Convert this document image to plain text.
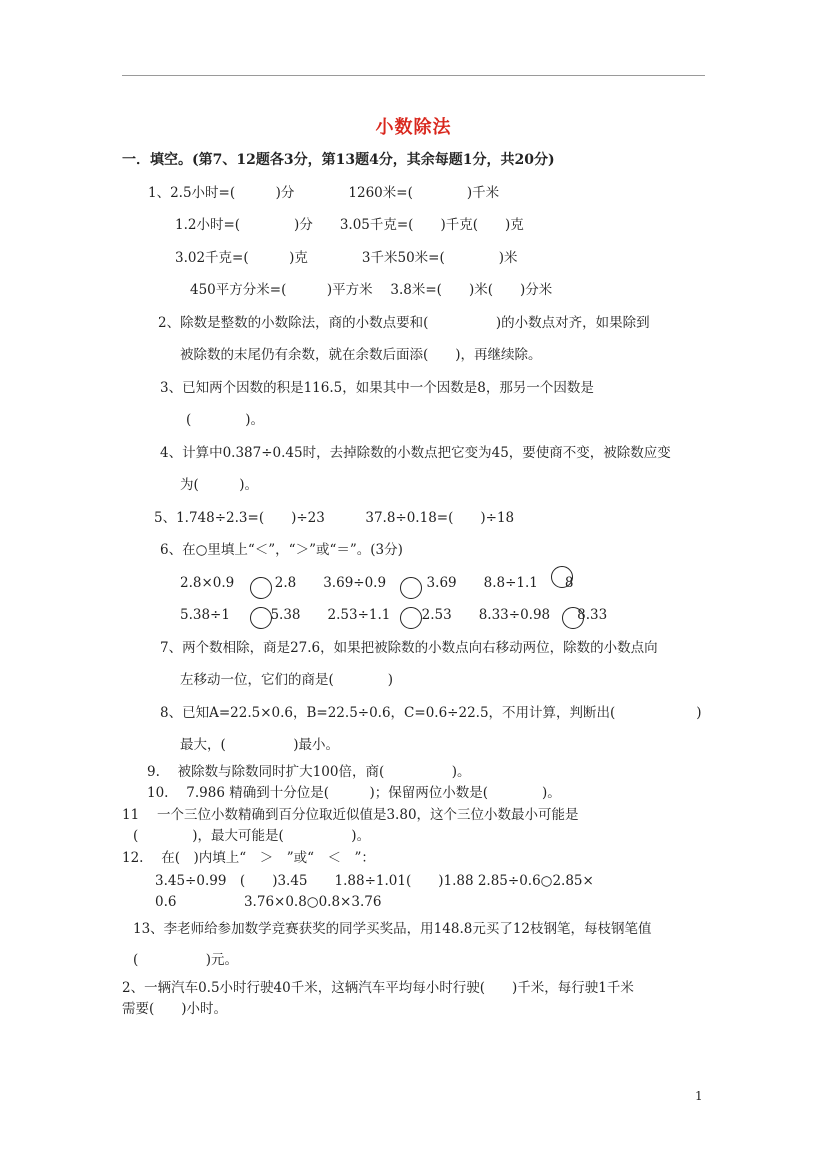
小数除法
一．填空。(第7、12题各3分，第13题4分，其余每题1分，共20分)
1、2.5小时=(　　　)分　　　　1260米=(　　　　)千米
1.2小时=(　　　　)分　　3.05千克=(　　)千克(　　)克
3.02千克=(　　　)克　　　　3千米50米=(　　　　)米
450平方分米=(　　　)平方米　 3.8米=(　　)米(　　)分米
2、除数是整数的小数除法，商的小数点要和(　　　　　)的小数点对齐，如果除到
被除数的末尾仍有余数，就在余数后面添(　　)，再继续除。
3、已知两个因数的积是116.5，如果其中一个因数是8，那另一个因数是
(　　　　)。
4、计算中0.387÷0.45时，去掉除数的小数点把它变为45，要使商不变，被除数应变
为(　　　)。
5、1.748÷2.3=(　　)÷23　　　37.8÷0.18=(　　)÷18
6、在○里填上“＜”，“＞”或“＝”。(3分)
2.8×0.9　　　2.8　　3.69÷0.9　　　3.69　　8.8÷1.1　　8
5.38÷1　　　5.38　　2.53÷1.1　　 2.53　　8.33÷0.98　　8.33
7、两个数相除，商是27.6，如果把被除数的小数点向右移动两位，除数的小数点向
左移动一位，它们的商是(　　　　)
8、已知A=22.5×0.6，B=22.5÷0.6，C=0.6÷22.5，不用计算，判断出(　　　　　　)
最大，(　　　　　)最小。
9.　 被除数与除数同时扩大100倍，商(　　　　　)。
10.　 7.986 精确到十分位是(　　　)；保留两位小数是(　　　　)。
11　 一个三位小数精确到百分位取近似值是3.80，这个三位小数最小可能是
(　　　　)，最大可能是(　　　　　)。
12.　 在(　)内填上“　＞　”或“　＜　”：
3.45÷0.99　(　　)3.45　　1.88÷1.01(　　)1.88 2.85÷0.6○2.85×
0.6　　　　　3.76×0.8○0.8×3.76
13、李老师给参加数学竞赛获奖的同学买奖品，用148.8元买了12枝钢笔，每枝钢笔值
(　　　　　)元。
2、一辆汽车0.5小时行驶40千米，这辆汽车平均每小时行驶(　　)千米，每行驶1千米
需要(　　)小时。
1
